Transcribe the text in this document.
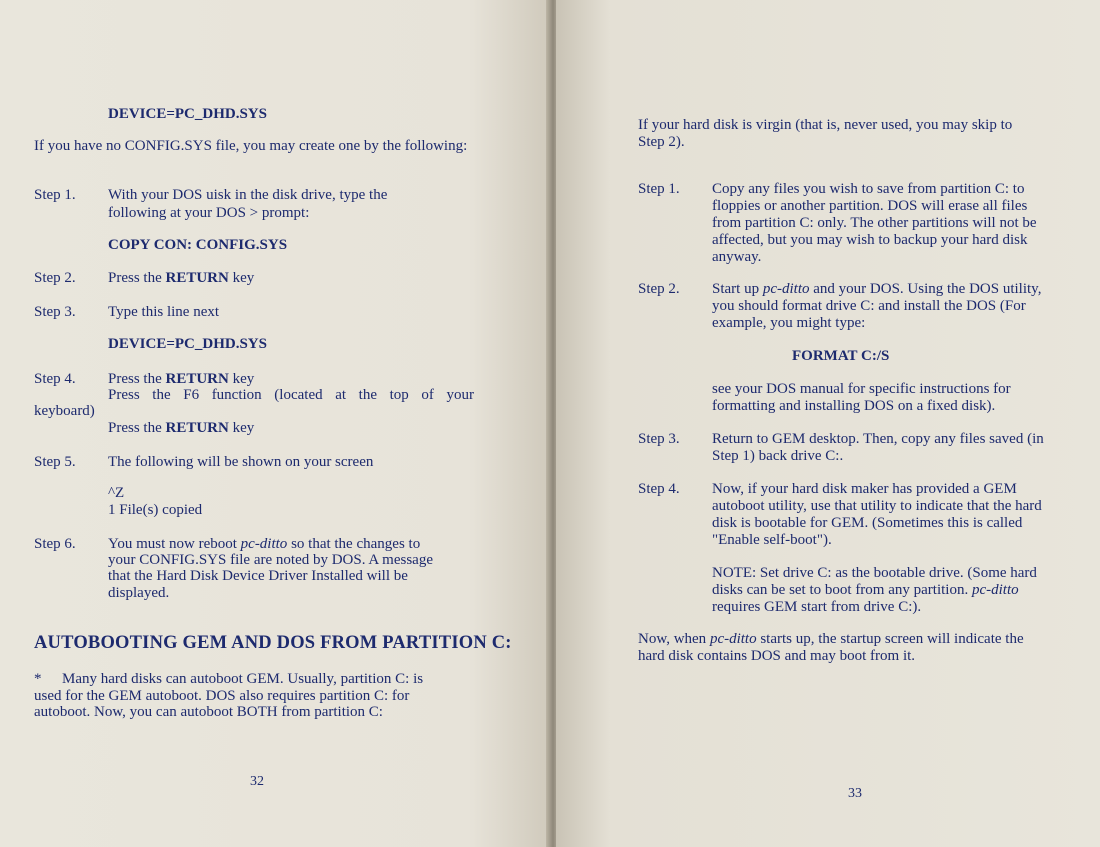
DEVICE=PC_DHD.SYS
If you have no CONFIG.SYS file, you may create one by the following:
Step 1. With your DOS uisk in the disk drive, type the
following at your DOS > prompt:
COPY CON: CONFIG.SYS
Step 2. Press the RETURN key
Step 3. Type this line next
DEVICE=PC_DHD.SYS
Step 4. Press the RETURN key
Press the F6 function (located at the top of your
keyboard)
Press the RETURN key
Step 5. The following will be shown on your screen
^Z
1 File(s) copied
Step 6. You must now reboot pc-ditto so that the changes to
your CONFIG.SYS file are noted by DOS. A message
that the Hard Disk Device Driver Installed will be
displayed.
AUTOBOOTING GEM AND DOS FROM PARTITION C:
* Many hard disks can autoboot GEM. Usually, partition C: is
used for the GEM autoboot. DOS also requires partition C: for
autoboot. Now, you can autoboot BOTH from partition C:
32
If your hard disk is virgin (that is, never used, you may skip to
Step 2).
Step 1. Copy any files you wish to save from partition C: to
floppies or another partition. DOS will erase all files
from partition C: only. The other partitions will not be
affected, but you may wish to backup your hard disk
anyway.
Step 2. Start up pc-ditto and your DOS. Using the DOS utility,
you should format drive C: and install the DOS (For
example, you might type:
FORMAT C:/S
see your DOS manual for specific instructions for
formatting and installing DOS on a fixed disk).
Step 3. Return to GEM desktop. Then, copy any files saved (in
Step 1) back drive C:.
Step 4. Now, if your hard disk maker has provided a GEM
autoboot utility, use that utility to indicate that the hard
disk is bootable for GEM. (Sometimes this is called
"Enable self-boot").
NOTE: Set drive C: as the bootable drive. (Some hard
disks can be set to boot from any partition. pc-ditto
requires GEM start from drive C:).
Now, when pc-ditto starts up, the startup screen will indicate the
hard disk contains DOS and may boot from it.
33
